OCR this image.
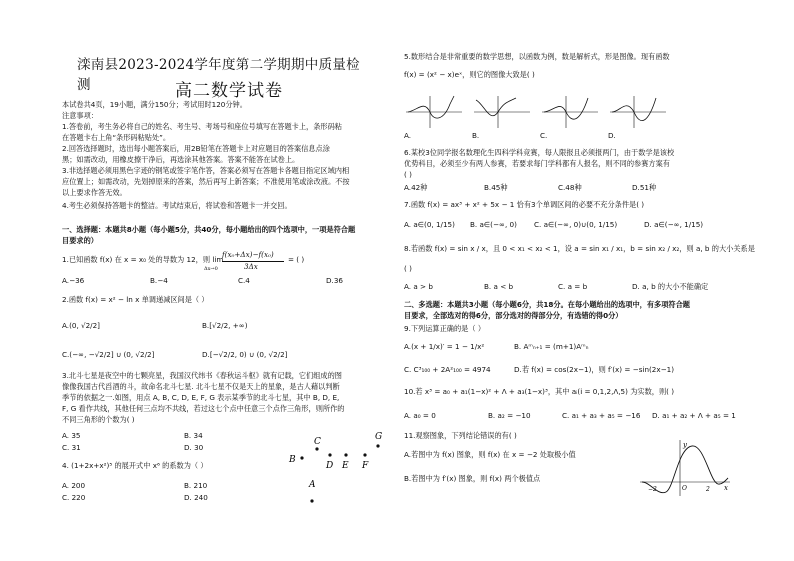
滦南县2023-2024学年度第二学期期中质量检测	高二数学试卷
本试卷共4页，19小题，满分150分；考试用时120分钟。
注意事项：
1.答卷前，考生务必将自己的姓名、考生号、考场号和座位号填写在答题卡上，条形码粘
在答题卡右上角“条形码粘贴处”。
2.回答选择题时，选出每小题答案后，用2B铅笔在答题卡上对应题目的答案信息点涂
黑；如需改动，用橡皮擦干净后，再选涂其他答案。答案不能答在试卷上。
3.非选择题必须用黑色字迹的钢笔或签字笔作答，答案必须写在答题卡各题目指定区域内相
应位置上；如需改动，先划掉原来的答案，然后再写上新答案；不准使用笔或涂改液。不按
以上要求作答无效。
4.考生必须保持答题卡的整洁。考试结束后，将试卷和答题卡一并交回。
一、选择题：本题共8小题（每小题5分，共40分，每小题给出的四个选项中，一项是符合题
目要求的）
1.已知函数 f(x) 在 x = x₀ 处的导数为 12，则 lim
Δx→0
f(x₀+Δx)−f(x₀)
3Δx
= ( )
A.−36	B.−4	C.4	D.36
2.函数 f(x) = x² − ln x 单调递减区间是（ ）
A.(0, √2/2]	B.[√2/2, +∞)
C.(−∞, −√2/2] ∪ (0, √2/2]	D.[−√2/2, 0) ∪ (0, √2/2]
3.北斗七星是夜空中的七颗亮星，我国汉代纬书《春秋运斗枢》就有记载，它们组成的图
像像我国古代舀酒的斗，故命名北斗七星. 北斗七星不仅是天上的星象，是古人藉以判断
季节的依据之一.如图，用点 A, B, C, D, E, F, G 表示某季节的北斗七星，其中 B, D, E,
F, G 看作共线，其他任何三点均不共线，若过这七个点中任意三个点作三角形，则所作的
不同三角形的个数为( )
A. 35	B. 34
C. 31	D. 30
4. (1+2x+x²)⁵ 的展开式中 x⁶ 的系数为（ ）
A. 200	B. 210
C. 220	D. 240
A
B
C
D E F
G
5.数形结合是非常重要的数学思想，以函数为例，数是解析式，形是图像。现有函数
f(x) = (x² − x)eˣ，则它的图像大致是( )
A.	B.	C.	D.
6.某校3位同学报名数理化生四科学科竞赛，每人限报且必须报两门，由于数学是该校
优势科目，必须至少有两人参赛，若要求每门学科都有人报名，则不同的参赛方案有
( )
A.42种	B.45种	C.48种	D.51种
7.函数 f(x) = ax³ + x² + 5x − 1 恰有3个单调区间的必要不充分条件是( )
A. a∈(0, 1/15) B. a∈(−∞, 0) C. a∈(−∞, 0)∪(0, 1/15)	D. a∈(−∞, 1/15)
8.若函数 f(x) = sin x / x，且 0 < x₁ < x₂ < 1，设 a = sin x₁ / x₁，b = sin x₂ / x₂，则 a, b 的大小关系是
( )
A. a > b	B. a < b	C. a = b	D. a, b 的大小不能确定
二、多选题：本题共3小题（每小题6分，共18分。在每小题给出的选项中，有多项符合题
目要求，全部选对的得6分，部分选对的得部分分，有选错的得0分）
9.下列运算正确的是（ ）
A.(x + 1/x)′ = 1 − 1/x²	B. Aᵐₙ₊₁ = (m+1)Aᵐₙ
C. C³₁₀₀ + 2A²₁₀₀ = 4974	D.若 f(x) = cos(2x−1)，则 f′(x) = −sin(2x−1)
10.若 x³ = a₀ + a₁(1−x)² + Λ + a₃(1−x)³，其中 aᵢ(i = 0,1,2,Λ,5) 为实数，则( )
A. a₀ = 0	B. a₂ = −10	C. a₁ + a₃ + a₅ = −16 D. a₁ + a₂ + Λ + a₅ = 1
11.观察图象，下列结论错误的有( )
A.若图中为 f(x) 图象，则 f(x) 在 x = −2 处取极小值
B.若图中为 f′(x) 图象，则 f(x) 两个极值点
y
x
O
−2	2
